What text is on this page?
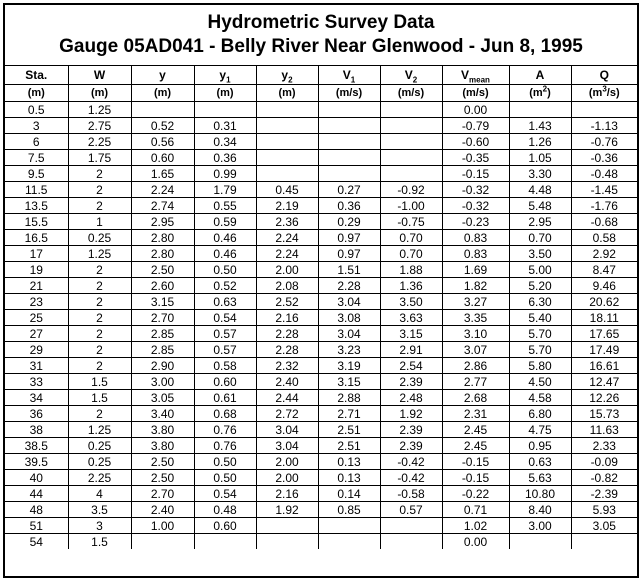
Hydrometric Survey Data
Gauge 05AD041 - Belly River Near Glenwood - Jun 8, 1995
Sta.	W	y	$y_1$	$y_2$	$V_1$	$V_2$	$V_{mean}$	A	Q
(m)	(m)	(m)	(m)	(m)	(m/s)	(m/s)	(m/s)	$(m^2)$	$(m^3/s)$
0.5	1.25						0.00		
3	2.75	0.52	0.31				-0.79	1.43	-1.13
6	2.25	0.56	0.34				-0.60	1.26	-0.76
7.5	1.75	0.60	0.36				-0.35	1.05	-0.36
9.5	2	1.65	0.99				-0.15	3.30	-0.48
11.5	2	2.24	1.79	0.45	0.27	-0.92	-0.32	4.48	-1.45
13.5	2	2.74	0.55	2.19	0.36	-1.00	-0.32	5.48	-1.76
15.5	1	2.95	0.59	2.36	0.29	-0.75	-0.23	2.95	-0.68
16.5	0.25	2.80	0.46	2.24	0.97	0.70	0.83	0.70	0.58
17	1.25	2.80	0.46	2.24	0.97	0.70	0.83	3.50	2.92
19	2	2.50	0.50	2.00	1.51	1.88	1.69	5.00	8.47
21	2	2.60	0.52	2.08	2.28	1.36	1.82	5.20	9.46
23	2	3.15	0.63	2.52	3.04	3.50	3.27	6.30	20.62
25	2	2.70	0.54	2.16	3.08	3.63	3.35	5.40	18.11
27	2	2.85	0.57	2.28	3.04	3.15	3.10	5.70	17.65
29	2	2.85	0.57	2.28	3.23	2.91	3.07	5.70	17.49
31	2	2.90	0.58	2.32	3.19	2.54	2.86	5.80	16.61
33	1.5	3.00	0.60	2.40	3.15	2.39	2.77	4.50	12.47
34	1.5	3.05	0.61	2.44	2.88	2.48	2.68	4.58	12.26
36	2	3.40	0.68	2.72	2.71	1.92	2.31	6.80	15.73
38	1.25	3.80	0.76	3.04	2.51	2.39	2.45	4.75	11.63
38.5	0.25	3.80	0.76	3.04	2.51	2.39	2.45	0.95	2.33
39.5	0.25	2.50	0.50	2.00	0.13	-0.42	-0.15	0.63	-0.09
40	2.25	2.50	0.50	2.00	0.13	-0.42	-0.15	5.63	-0.82
44	4	2.70	0.54	2.16	0.14	-0.58	-0.22	10.80	-2.39
48	3.5	2.40	0.48	1.92	0.85	0.57	0.71	8.40	5.93
51	3	1.00	0.60				1.02	3.00	3.05
54	1.5						0.00		
